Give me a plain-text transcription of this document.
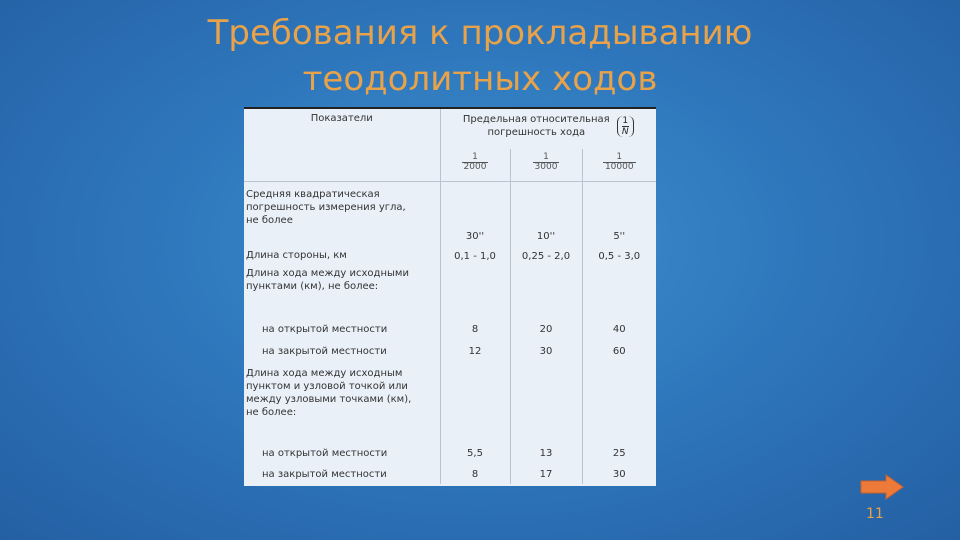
Требования к прокладыванию
теодолитных ходов
Показатели	Предельная относительная
погрешность хода
$\frac{1}{N}$

	$\frac{1}{2000}$	$\frac{1}{3000}$	$\frac{1}{10000}$

Средняя квадратическая
погрешность измерения угла,
не более	30''	10''	5''
Длина стороны, км	0,1 - 1,0	0,25 - 2,0	0,5 - 3,0

Длина хода между исходными
пунктами (км), не более:			

на открытой местности	8	20	40
на закрытой местности	12	30	60

Длина хода между исходным
пунктом и узловой точкой или
между узловыми точками (км),
не более:			

на открытой местности	5,5	13	25
на закрытой местности	8	17	30
11
